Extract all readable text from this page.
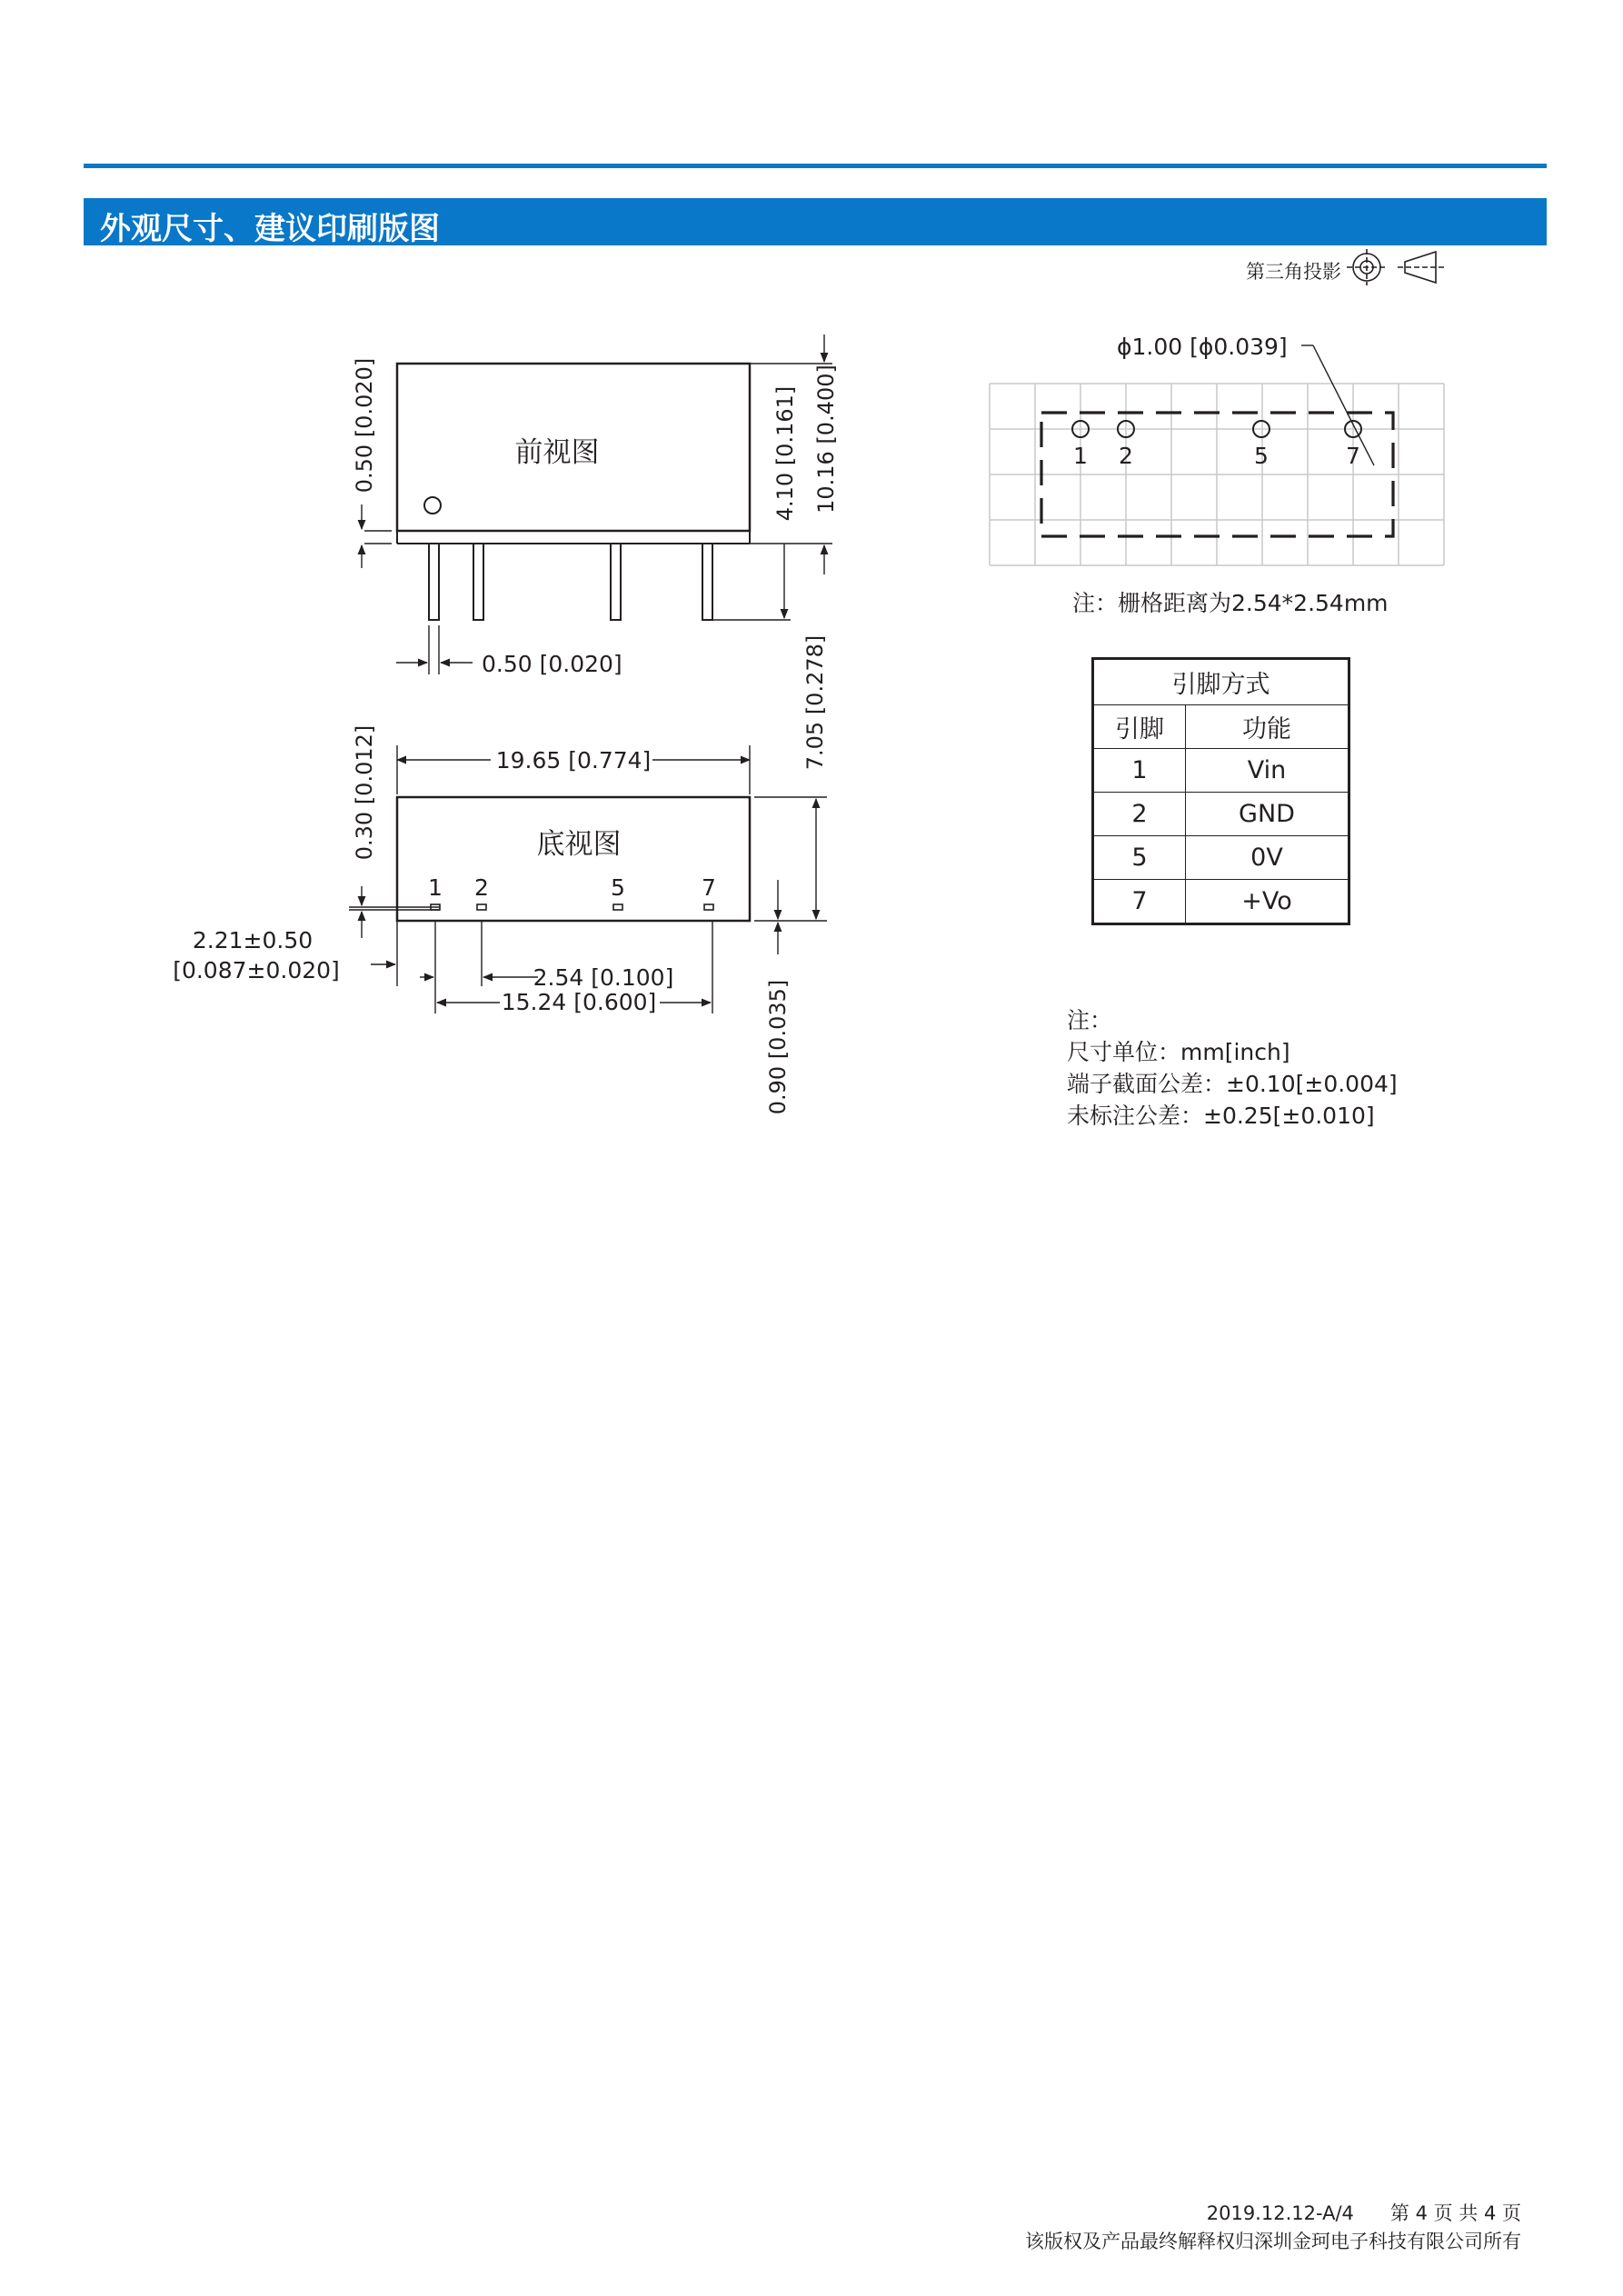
外观尺寸、建议印刷版图
第三角投影
前视图
0.50 [0.020]
0.50 [0.020]	4.10 [0.161] 10.16 [0.400]
7.05 [0.278]
底视图
1 2	5	7
19.65 [0.774]
0.30 [0.012]
2.21±0.50
[0.087±0.020]	2.54 [0.100]
15.24 [0.600]	0.90 [0.035]
ϕ1.00 [ϕ0.039]
1 2	5	7
注：栅格距离为2.54*2.54mm
引脚方式	
引脚	功能
1	Vin
2	GND
5	0V
7	+Vo
注：
尺寸单位：mm[inch]
端子截面公差：±0.10[±0.004]
未标注公差：±0.25[±0.010]
2019.12.12-A/4 第 4 页 共 4 页
该版权及产品最终解释权归深圳金珂电子科技有限公司所有
